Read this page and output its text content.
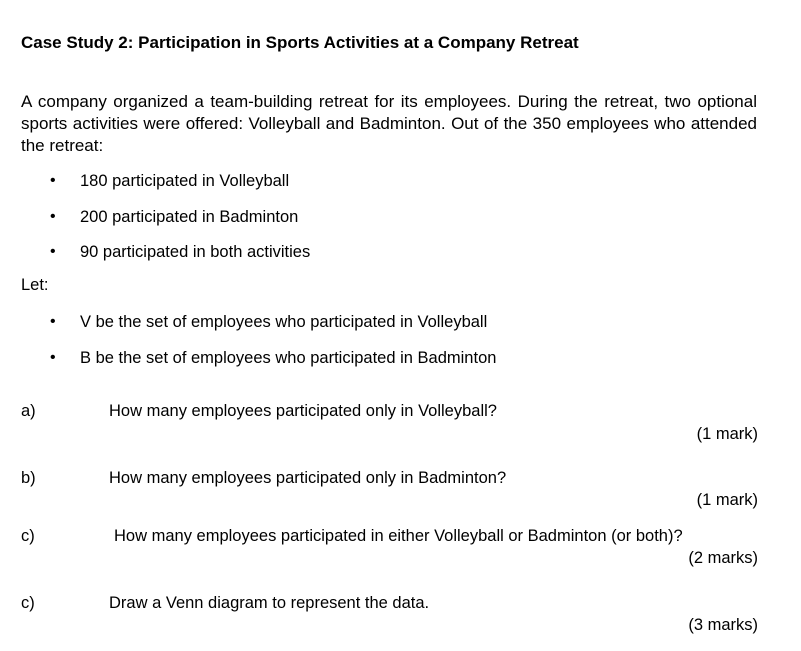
Case Study 2: Participation in Sports Activities at a Company Retreat
A company organized a team-building retreat for its employees. During the retreat, two optional sports activities were offered: Volleyball and Badminton. Out of the 350 employees who attended the retreat:
• 180 participated in Volleyball
• 200 participated in Badminton
• 90 participated in both activities
Let:
• V be the set of employees who participated in Volleyball
• B be the set of employees who participated in Badminton
a)	How many employees participated only in Volleyball?
(1 mark)
b)	How many employees participated only in Badminton?
(1 mark)
c)	How many employees participated in either Volleyball or Badminton (or both)?
(2 marks)
c)	Draw a Venn diagram to represent the data.
(3 marks)
